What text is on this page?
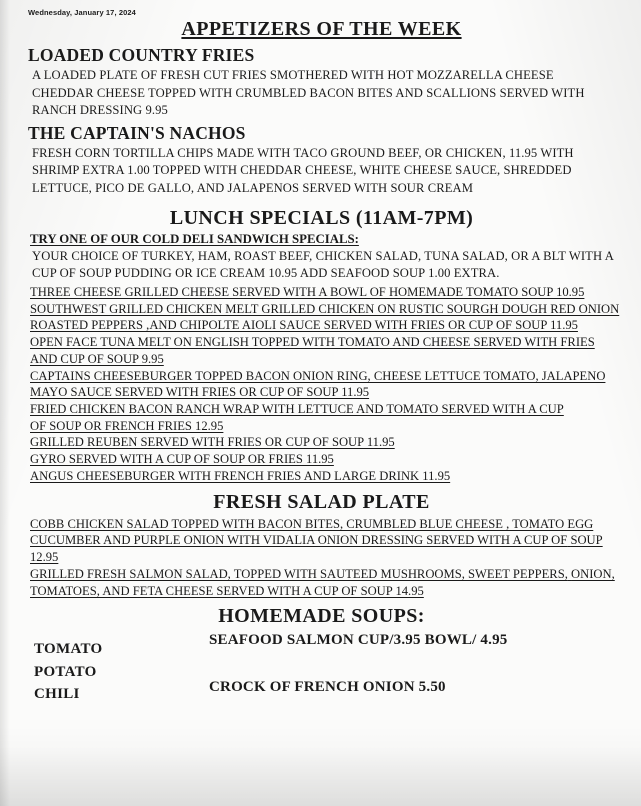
Wednesday, January 17, 2024
APPETIZERS OF THE WEEK
LOADED COUNTRY FRIES
A LOADED PLATE OF FRESH CUT FRIES SMOTHERED WITH HOT MOZZARELLA CHEESE
CHEDDAR CHEESE TOPPED WITH CRUMBLED BACON BITES AND SCALLIONS SERVED WITH
RANCH DRESSING 9.95
THE CAPTAIN'S NACHOS
FRESH CORN TORTILLA CHIPS MADE WITH TACO GROUND BEEF, OR CHICKEN, 11.95 WITH
SHRIMP EXTRA 1.00 TOPPED WITH CHEDDAR CHEESE, WHITE CHEESE SAUCE, SHREDDED
LETTUCE, PICO DE GALLO, AND JALAPENOS SERVED WITH SOUR CREAM
LUNCH SPECIALS (11AM-7PM)
TRY ONE OF OUR COLD DELI SANDWICH SPECIALS:
YOUR CHOICE OF TURKEY, HAM, ROAST BEEF, CHICKEN SALAD, TUNA SALAD, OR A BLT WITH A
CUP OF SOUP PUDDING OR ICE CREAM 10.95 ADD SEAFOOD SOUP 1.00 EXTRA.
THREE CHEESE GRILLED CHEESE SERVED WITH A BOWL OF HOMEMADE TOMATO SOUP 10.95
SOUTHWEST GRILLED CHICKEN MELT GRILLED CHICKEN ON RUSTIC SOURGH DOUGH RED ONION
ROASTED PEPPERS ,AND CHIPOLTE AIOLI SAUCE SERVED WITH FRIES OR CUP OF SOUP 11.95
OPEN FACE TUNA MELT ON ENGLISH TOPPED WITH TOMATO AND CHEESE SERVED WITH FRIES
AND CUP OF SOUP 9.95
CAPTAINS CHEESEBURGER TOPPED BACON ONION RING, CHEESE LETTUCE TOMATO, JALAPENO
MAYO SAUCE SERVED WITH FRIES OR CUP OF SOUP 11.95
FRIED CHICKEN BACON RANCH WRAP WITH LETTUCE AND TOMATO SERVED WITH A CUP
OF SOUP OR FRENCH FRIES 12.95
GRILLED REUBEN SERVED WITH FRIES OR CUP OF SOUP 11.95
GYRO SERVED WITH A CUP OF SOUP OR FRIES 11.95
ANGUS CHEESEBURGER WITH FRENCH FRIES AND LARGE DRINK 11.95
FRESH SALAD PLATE
COBB CHICKEN SALAD TOPPED WITH BACON BITES, CRUMBLED BLUE CHEESE , TOMATO EGG CUCUMBER AND PURPLE ONION WITH VIDALIA ONION DRESSING SERVED WITH A CUP OF SOUP 12.95
GRILLED FRESH SALMON SALAD, TOPPED WITH SAUTEED MUSHROOMS, SWEET PEPPERS, ONION, TOMATOES, AND FETA CHEESE SERVED WITH A CUP OF SOUP 14.95
HOMEMADE SOUPS:
TOMATO
POTATO
CHILI
SEAFOOD SALMON CUP/3.95 BOWL/ 4.95
CROCK OF FRENCH ONION 5.50
